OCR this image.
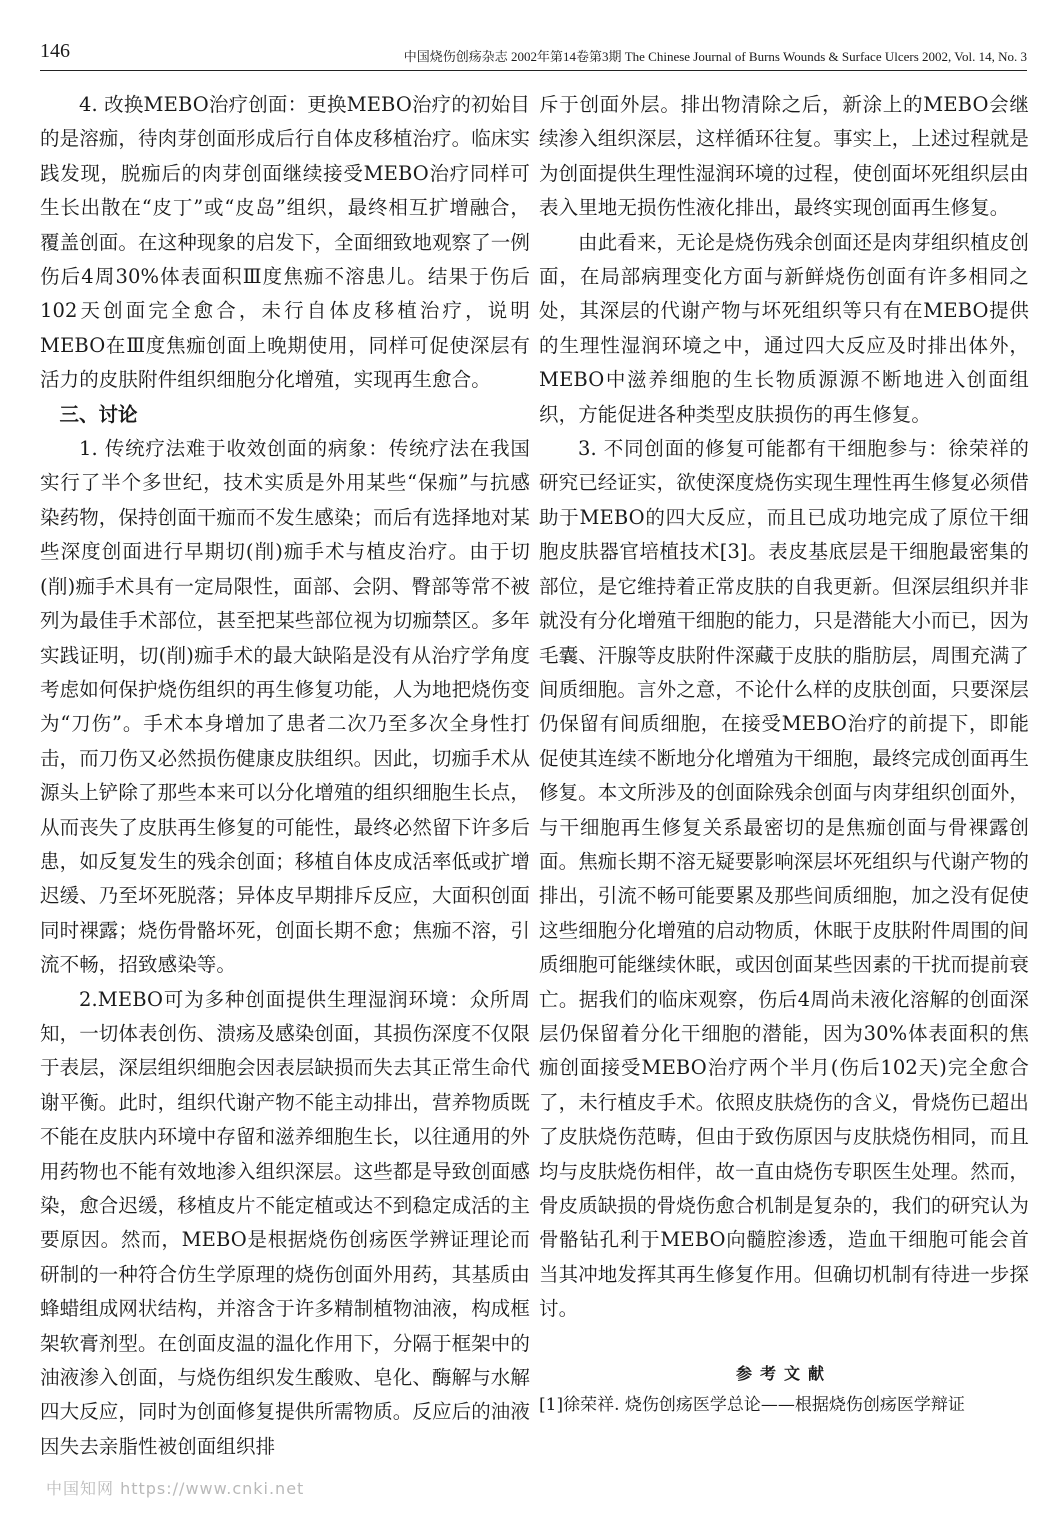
146	中国烧伤创疡杂志 2002年第14卷第3期 The Chinese Journal of Burns Wounds & Surface Ulcers 2002, Vol. 14, No. 3

4. 改换MEBO治疗创面：更换MEBO治疗的初始目的是溶痂，待肉芽创面形成后行自体皮移植治疗。临床实践发现，脱痂后的肉芽创面继续接受MEBO治疗同样可生长出散在“皮丁”或“皮岛”组织，最终相互扩增融合，覆盖创面。在这种现象的启发下，全面细致地观察了一例伤后4周30%体表面积Ⅲ度焦痂不溶患儿。结果于伤后102天创面完全愈合，未行自体皮移植治疗，说明MEBO在Ⅲ度焦痂创面上晚期使用，同样可促使深层有活力的皮肤附件组织细胞分化增殖，实现再生愈合。

三、讨论

1. 传统疗法难于收效创面的病象：传统疗法在我国实行了半个多世纪，技术实质是外用某些“保痂”与抗感染药物，保持创面干痂而不发生感染；而后有选择地对某些深度创面进行早期切(削)痂手术与植皮治疗。由于切(削)痂手术具有一定局限性，面部、会阴、臀部等常不被列为最佳手术部位，甚至把某些部位视为切痂禁区。多年实践证明，切(削)痂手术的最大缺陷是没有从治疗学角度考虑如何保护烧伤组织的再生修复功能，人为地把烧伤变为“刀伤”。手术本身增加了患者二次乃至多次全身性打击，而刀伤又必然损伤健康皮肤组织。因此，切痂手术从源头上铲除了那些本来可以分化增殖的组织细胞生长点，从而丧失了皮肤再生修复的可能性，最终必然留下许多后患，如反复发生的残余创面；移植自体皮成活率低或扩增迟缓、乃至坏死脱落；异体皮早期排斥反应，大面积创面同时裸露；烧伤骨骼坏死，创面长期不愈；焦痂不溶，引流不畅，招致感染等。

2.MEBO可为多种创面提供生理湿润环境：众所周知，一切体表创伤、溃疡及感染创面，其损伤深度不仅限于表层，深层组织细胞会因表层缺损而失去其正常生命代谢平衡。此时，组织代谢产物不能主动排出，营养物质既不能在皮肤内环境中存留和滋养细胞生长，以往通用的外用药物也不能有效地渗入组织深层。这些都是导致创面感染，愈合迟缓，移植皮片不能定植或达不到稳定成活的主要原因。然而，MEBO是根据烧伤创疡医学辨证理论而研制的一种符合仿生学原理的烧伤创面外用药，其基质由蜂蜡组成网状结构，并溶含于许多精制植物油液，构成框架软膏剂型。在创面皮温的温化作用下，分隔于框架中的油液渗入创面，与烧伤组织发生酸败、皂化、酶解与水解四大反应，同时为创面修复提供所需物质。反应后的油液因失去亲脂性被创面组织排

斥于创面外层。排出物清除之后，新涂上的MEBO会继续渗入组织深层，这样循环往复。事实上，上述过程就是为创面提供生理性湿润环境的过程，使创面坏死组织层由表入里地无损伤性液化排出，最终实现创面再生修复。

由此看来，无论是烧伤残余创面还是肉芽组织植皮创面，在局部病理变化方面与新鲜烧伤创面有许多相同之处，其深层的代谢产物与坏死组织等只有在MEBO提供的生理性湿润环境之中，通过四大反应及时排出体外，MEBO中滋养细胞的生长物质源源不断地进入创面组织，方能促进各种类型皮肤损伤的再生修复。

3. 不同创面的修复可能都有干细胞参与：徐荣祥的研究已经证实，欲使深度烧伤实现生理性再生修复必须借助于MEBO的四大反应，而且已成功地完成了原位干细胞皮肤器官培植技术[3]。表皮基底层是干细胞最密集的部位，是它维持着正常皮肤的自我更新。但深层组织并非就没有分化增殖干细胞的能力，只是潜能大小而已，因为毛囊、汗腺等皮肤附件深藏于皮肤的脂肪层，周围充满了间质细胞。言外之意，不论什么样的皮肤创面，只要深层仍保留有间质细胞，在接受MEBO治疗的前提下，即能促使其连续不断地分化增殖为干细胞，最终完成创面再生修复。本文所涉及的创面除残余创面与肉芽组织创面外，与干细胞再生修复关系最密切的是焦痂创面与骨裸露创面。焦痂长期不溶无疑要影响深层坏死组织与代谢产物的排出，引流不畅可能要累及那些间质细胞，加之没有促使这些细胞分化增殖的启动物质，休眠于皮肤附件周围的间质细胞可能继续休眠，或因创面某些因素的干扰而提前衰亡。据我们的临床观察，伤后4周尚未液化溶解的创面深层仍保留着分化干细胞的潜能，因为30%体表面积的焦痂创面接受MEBO治疗两个半月(伤后102天)完全愈合了，未行植皮手术。依照皮肤烧伤的含义，骨烧伤已超出了皮肤烧伤范畴，但由于致伤原因与皮肤烧伤相同，而且均与皮肤烧伤相伴，故一直由烧伤专职医生处理。然而，骨皮质缺损的骨烧伤愈合机制是复杂的，我们的研究认为骨骼钻孔利于MEBO向髓腔渗透，造血干细胞可能会首当其冲地发挥其再生修复作用。但确切机制有待进一步探讨。

参考文献
[1]徐荣祥. 烧伤创疡医学总论——根据烧伤创疡医学辩证
中国知网 https://www.cnki.net
